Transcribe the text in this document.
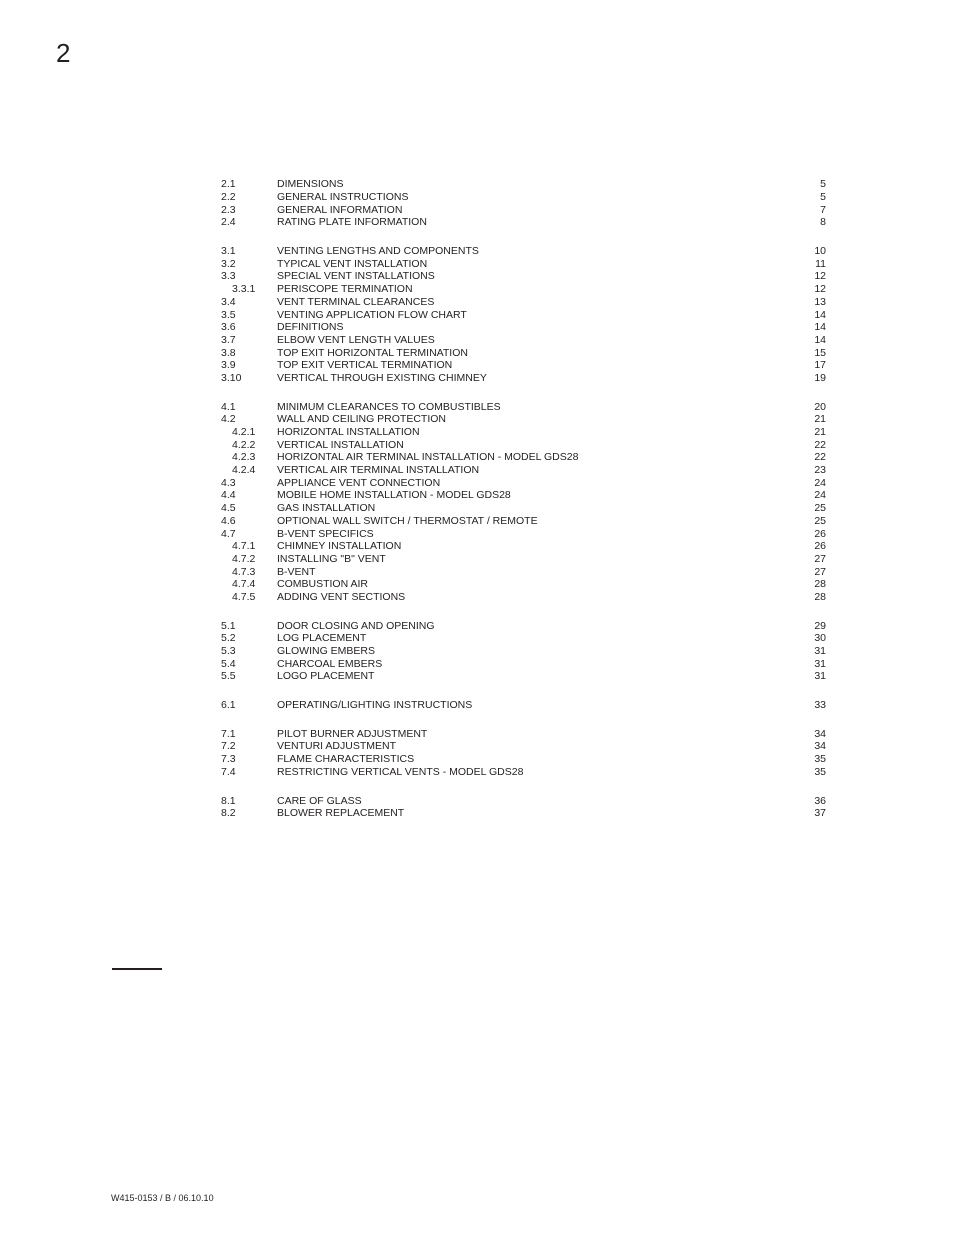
2
2.1	DIMENSIONS	5
2.2	GENERAL INSTRUCTIONS	5
2.3	GENERAL INFORMATION	7
2.4	RATING PLATE INFORMATION	8
3.1	VENTING LENGTHS AND COMPONENTS	10
3.2	TYPICAL VENT INSTALLATION	11
3.3	SPECIAL VENT INSTALLATIONS	12
3.3.1	PERISCOPE TERMINATION	12
3.4	VENT TERMINAL CLEARANCES	13
3.5	VENTING APPLICATION FLOW CHART	14
3.6	DEFINITIONS	14
3.7	ELBOW VENT LENGTH VALUES	14
3.8	TOP EXIT HORIZONTAL TERMINATION	15
3.9	TOP EXIT VERTICAL TERMINATION	17
3.10	VERTICAL THROUGH EXISTING CHIMNEY	19
4.1	MINIMUM CLEARANCES TO COMBUSTIBLES	20
4.2	WALL AND CEILING PROTECTION	21
4.2.1	HORIZONTAL INSTALLATION	21
4.2.2	VERTICAL INSTALLATION	22
4.2.3	HORIZONTAL AIR TERMINAL INSTALLATION - MODEL GDS28	22
4.2.4	VERTICAL AIR TERMINAL INSTALLATION	23
4.3	APPLIANCE VENT CONNECTION	24
4.4	MOBILE HOME INSTALLATION - MODEL GDS28	24
4.5	GAS INSTALLATION	25
4.6	OPTIONAL WALL SWITCH / THERMOSTAT / REMOTE	25
4.7	B-VENT SPECIFICS	26
4.7.1	CHIMNEY INSTALLATION	26
4.7.2	INSTALLING "B" VENT	27
4.7.3	B-VENT	27
4.7.4	COMBUSTION AIR	28
4.7.5	ADDING VENT SECTIONS	28
5.1	DOOR CLOSING AND OPENING	29
5.2	LOG PLACEMENT	30
5.3	GLOWING EMBERS	31
5.4	CHARCOAL EMBERS	31
5.5	LOGO PLACEMENT	31
6.1	OPERATING/LIGHTING INSTRUCTIONS	33
7.1	PILOT BURNER ADJUSTMENT	34
7.2	VENTURI ADJUSTMENT	34
7.3	FLAME CHARACTERISTICS	35
7.4	RESTRICTING VERTICAL VENTS - MODEL GDS28	35
8.1	CARE OF GLASS	36
8.2	BLOWER REPLACEMENT	37
W415-0153 / B / 06.10.10
